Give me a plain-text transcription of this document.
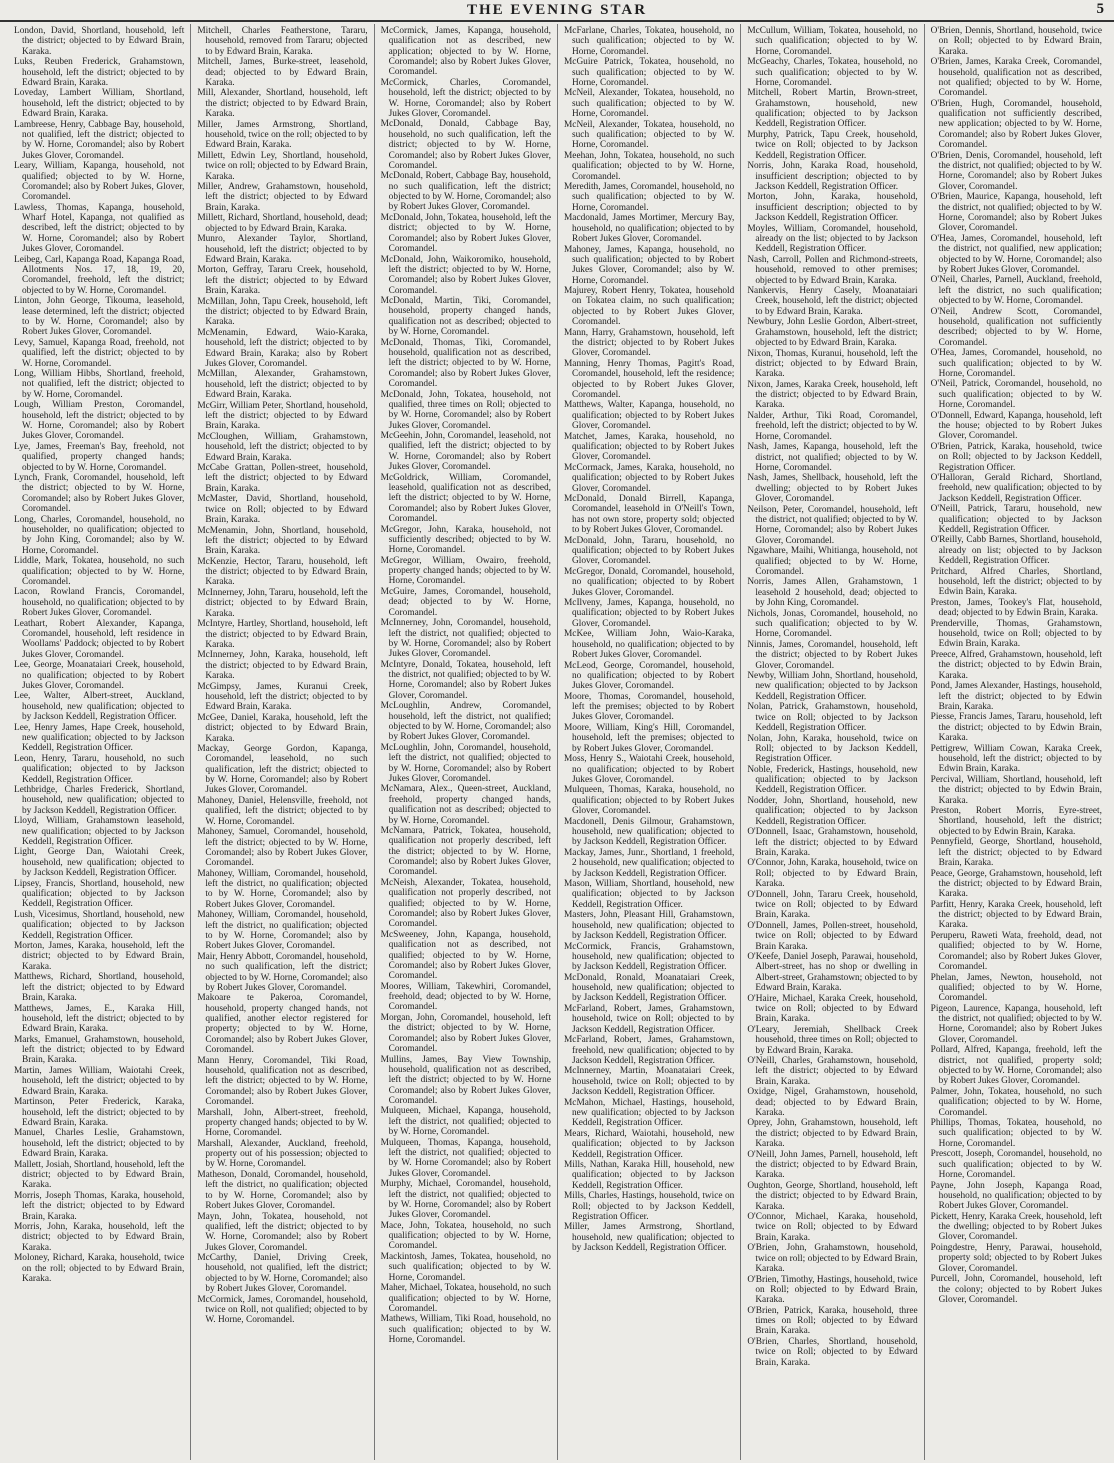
THE EVENING STAR	5

London, David, Shortland, household, left the district; objected to by Edward Brain, Karaka.

Luks, Reuben Frederick, Grahamstown, household, left the district; objected to by Edward Brain, Karaka.

Loveday, Lambert William, Shortland, household, left the district; objected to by Edward Brain, Karaka.

Lambreese, Henry, Cabbage Bay, household, not qualified, left the district; objected to by W. Horne, Coromandel; also by Robert Jukes Glover, Coromandel.

Leary, William, Kapanga, household, not qualified; objected to by W. Horne, Coromandel; also by Robert Jukes, Glover, Coromandel.

Lawless, Thomas, Kapanga, household, Wharf Hotel, Kapanga, not qualified as described, left the district; objected to by W. Horne, Coromandel; also by Robert Jukes Glover, Coromandel.

Leibeg, Carl, Kapanga Road, Kapanga Road, Allotments Nos. 17, 18, 19, 20, Coromandel, freehold, left the district; objected to by W. Horne, Coromandel.

Linton, John George, Tikouma, leasehold, lease determined, left the district; objected to by W. Horne, Coromandel; also by Robert Jukes Glover, Coromandel.

Levy, Samuel, Kapanga Road, freehold, not qualified, left the district; objected to by W. Horne, Coromandel.

Long, William Hibbs, Shortland, freehold, not qualified, left the district; objected to by W. Horne, Coromandel.

Lough, William Preston, Coromandel, household, left the district; objected to by W. Horne, Coromandel; also by Robert Jukes Glover, Coromandel.

Lye, James, Freeman's Bay, freehold, not qualified, property changed hands; objected to by W. Horne, Coromandel.

Lynch, Frank, Coromandel, household, left the district; objected to by W. Horne, Coromandel; also by Robert Jukes Glover, Coromandel.

Long, Charles, Coromandel, household, no householder, no qualification; objected to by John King, Coromandel; also by W. Horne, Coromandel.

Liddle, Mark, Tokatea, household, no such qualification; objected to by W. Horne, Coromandel.

Lacon, Rowland Francis, Coromandel, household, no qualification; objected to by Robert Jukes Glover, Coromandel.

Leathart, Robert Alexander, Kapanga, Coromandel, household, left residence in Woollams' Paddock; objected to by Robert Jukes Glover, Coromandel.

Lee, George, Moanataiari Creek, household, no qualification; objected to by Robert Jukes Glover, Coromandel.

Lee, Walter, Albert-street, Auckland, household, new qualification; objected to by Jackson Keddell, Registration Officer.

Lee, Henry James, Hape Creek, household, new qualification; objected to by Jackson Keddell, Registration Officer.

Leon, Henry, Tararu, household, no such qualification; objected to by Jackson Keddell, Registration Officer.

Lethbridge, Charles Frederick, Shortland, household, new qualification; objected to by Jackson Keddell, Registration Officer.

Lloyd, William, Grahamstown leasehold, new qualification; objected to by Jackson Keddell, Registration Officer.

Light, George Dan, Waiotahi Creek, household, new qualification; objected to by Jackson Keddell, Registration Officer.

Lipsey, Francis, Shortland, household, new qualification; objected to by Jackson Keddell, Registration Officer.

Lush, Vicesimus, Shortland, household, new qualification; objected to by Jackson Keddell, Registration Officer.

Morton, James, Karaka, household, left the district; objected to by Edward Brain, Karaka.

Matthews, Richard, Shortland, household, left the district; objected to by Edward Brain, Karaka.

Matthews, James, E., Karaka Hill, household, left the district; objected to by Edward Brain, Karaka.

Marks, Emanuel, Grahamstown, household, left the district; objected to by Edward Brain, Karaka.

Martin, James William, Waiotahi Creek, household, left the district; objected to by Edward Brain, Karaka.

Martinson, Peter Frederick, Karaka, household, left the district; objected to by Edward Brain, Karaka.

Manuel, Charles Leslie, Grahamstown, household, left the district; objected to by Edward Brain, Karaka.

Mallett, Josiah, Shortland, household, left the district; objected to by Edward Brain, Karaka.

Morris, Joseph Thomas, Karaka, household, left the district; objected to by Edward Brain, Karaka.

Morris, John, Karaka, household, left the district; objected to by Edward Brain, Karaka.

Moloney, Richard, Karaka, household, twice on the roll; objected to by Edward Brain, Karaka.

Mitchell, Charles Featherstone, Tararu, household, removed from Tararu; objected to by Edward Brain, Karaka.

Mitchell, James, Burke-street, leasehold, dead; objected to by Edward Brain, Karaka.

Mill, Alexander, Shortland, household, left the district; objected to by Edward Brain, Karaka.

Miller, James Armstrong, Shortland, household, twice on the roll; objected to by Edward Brain, Karaka.

Millett, Edwin Ley, Shortland, household, twice on roll; objected to by Edward Brain, Karaka.

Miller, Andrew, Grahamstown, household, left the district; objected to by Edward Brain, Karaka.

Millett, Richard, Shortland, household, dead; objected to by Edward Brain, Karaka.

Munro, Alexander Taylor, Shortland, household, left the district; objected to by Edward Brain, Karaka.

Morton, Geffray, Tararu Creek, household, left the district; objected to by Edward Brain, Karaka.

McMillan, John, Tapu Creek, household, left the district; objected to by Edward Brain, Karaka.

McMenamin, Edward, Waio-Karaka, household, left the district; objected to by Edward Brain, Karaka; also by Robert Jukes Glover, Coromandel.

McMillan, Alexander, Grahamstown, household, left the district; objected to by Edward Brain, Karaka.

McGirr, William Peter, Shortland, household, left the district; objected to by Edward Brain, Karaka.

McCloughen, William, Grahamstown, household, left the district; objected to by Edward Brain, Karaka.

McCabe Grattan, Pollen-street, household, left the district; objected to by Edward Brain, Karaka.

McMaster, David, Shortland, household, twice on Roll; objected to by Edward Brain, Karaka.

McMenamin, John, Shortland, household, left the district; objected to by Edward Brain, Karaka.

McKenzie, Hector, Tararu, household, left the district; objected to by Edward Brain, Karaka.

McInnerney, John, Tararu, household, left the district; objected to by Edward Brain, Karaka.

McIntyre, Hartley, Shortland, household, left the district; objected to by Edward Brain, Karaka.

McInnerney, John, Karaka, household, left the district; objected to by Edward Brain, Karaka.

McGimpsy, James, Kuranui Creek, household, left the district; objected to by Edward Brain, Karaka.

McGee, Daniel, Karaka, household, left the district; objected to by Edward Brain, Karaka.

Mackay, George Gordon, Kapanga, Coromandel, leasehold, no such qualification, left the district; objected to by W. Horne, Coromandel; also by Robert Jukes Glover, Coromandel.

Mahoney, Daniel, Helensville, freehold, not qualified, left the district; objected to by W. Horne, Coromandel.

Mahoney, Samuel, Coromandel, household, left the district; objected to by W. Horne, Coromandel; also by Robert Jukes Glover, Coromandel.

Mahoney, William, Coromandel, household, left the district, no qualification; objected to by W. Horne, Coromandel; also by Robert Jukes Glover, Coromandel.

Mahoney, William, Coromandel, household, left the district, no qualification; objected to by W. Horne, Coromandel; also by Robert Jukes Glover, Coromandel.

Mair, Henry Abbott, Coromandel, household, no such qualification, left the district; objected to by W. Horne, Coromandel; also by Robert Jukes Glover, Coromandel.

Makoare te Pakeroa, Coromandel, household, property changed hands, not qualified, another elector registered for property; objected to by W. Horne, Coromandel; also by Robert Jukes Glover, Coromandel.

Mann Henry, Coromandel, Tiki Road, household, qualification not as described, left the district; objected to by W. Horne, Coromandel; also by Robert Jukes Glover, Coromandel.

Marshall, John, Albert-street, freehold, property changed hands; objected to by W. Horne, Coromandel.

Marshall, Alexander, Auckland, freehold, property out of his possession; objected to by W. Horne, Coromandel.

Matheson, Donald, Coromandel, household, left the district, no qualification; objected to by W. Horne, Coromandel; also by Robert Jukes Glover, Coromandel.

Mayn, John, Tokatea, household, not qualified, left the district; objected to by W. Horne, Coromandel; also by Robert Jukes Glover, Coromandel.

McCarthy, Daniel, Driving Creek, household, not qualified, left the district; objected to by W. Horne, Coromandel; also by Robert Jukes Glover, Coromandel.

McCormick, James, Coromandel, household, twice on Roll, not qualified; objected to by W. Horne, Coromandel.

McCormick, James, Kapanga, household, qualification not as described, new application; objected to by W. Horne, Coromandel; also by Robert Jukes Glover, Coromandel.

McCormick, Charles, Coromandel, household, left the district; objected to by W. Horne, Coromandel; also by Robert Jukes Glover, Coromandel.

McDonald, Donald, Cabbage Bay, household, no such qualification, left the district; objected to by W. Horne, Coromandel; also by Robert Jukes Glover, Coromandel.

McDonald, Robert, Cabbage Bay, household, no such qualification, left the district; objected to by W. Horne, Coromandel; also by Robert Jukes Glover, Coromandel.

McDonald, John, Tokatea, household, left the district; objected to by W. Horne, Coromandel; also by Robert Jukes Glover, Coromandel.

McDonald, John, Waikoromiko, household, left the district; objected to by W. Horne, Coromandel; also by Robert Jukes Glover, Coromandel.

McDonald, Martin, Tiki, Coromandel, household, property changed hands, qualification not as described; objected to by W. Horne, Coromandel.

McDonald, Thomas, Tiki, Coromandel, household, qualification not as described, left the district; objected to by W. Horne, Coromandel; also by Robert Jukes Glover, Coromandel.

McDonald, John, Tokatea, household, not qualified, three times on Roll; objected to by W. Horne, Coromandel; also by Robert Jukes Glover, Coromandel.

McGeehin, John, Coromandel, leasehold, not qualified, left the district; objected to by W. Horne, Coromandel; also by Robert Jukes Glover, Coromandel.

McGoldrick, William, Coromandel, leasehold, qualification not as described, left the district; objected to by W. Horne, Coromandel; also by Robert Jukes Glover, Coromandel.

McGregor, John, Karaka, household, not sufficiently described; objected to by W. Horne, Coromandel.

McGregor, William, Owairo, freehold, property changed hands; objected to by W. Horne, Coromandel.

McGuire, James, Coromandel, household, dead; objected to by W. Horne, Coromandel.

McInnerney, John, Coromandel, household, left the district, not qualified; objected to by W. Horne, Coromandel; also by Robert Jukes Glover, Coromandel.

McIntyre, Donald, Tokatea, household, left the district, not qualified; objected to by W. Horne, Coromandel; also by Robert Jukes Glover, Coromandel.

McLoughlin, Andrew, Coromandel, household, left the district, not qualified; objected to by W. Horne, Coromandel; also by Robert Jukes Glover, Coromandel.

McLoughlin, John, Coromandel, household, left the district, not qualified; objected to by W. Horne, Coromandel; also by Robert Jukes Glover, Coromandel.

McNamara, Alex., Queen-street, Auckland, freehold, property changed hands, qualification not as described; objected to by W. Horne, Coromandel.

McNamara, Patrick, Tokatea, household, qualification not properly described, left the district; objected to by W. Horne, Coromandel; also by Robert Jukes Glover, Coromandel.

McNeish, Alexander, Tokatea, household, qualification not properly described, not qualified; objected to by W. Horne, Coromandel; also by Robert Jukes Glover, Coromandel.

McSweeney, John, Kapanga, household, qualification not as described, not qualified; objected to by W. Horne, Coromandel; also by Robert Jukes Glover, Coromandel.

Moores, William, Takewhiri, Coromandel, freehold, dead; objected to by W. Horne, Coromandel.

Morgan, John, Coromandel, household, left the district; objected to by W. Horne, Coromandel; also by Robert Jukes Glover, Coromandel.

Mullins, James, Bay View Township, household, qualification not as described, left the district; objected to by W. Horne Coromandel; also by Robert Jukes Glover, Coromandel.

Mulqueen, Michael, Kapanga, household, left the district, not qualified; objected to by W. Horne, Coromandel.

Mulqueen, Thomas, Kapanga, household, left the district, not qualified; objected to by W. Horne Coromandel; also by Robert Jukes Glover, Coromandel.

Murphy, Michael, Coromandel, household, left the district, not qualified; objected to by W. Horne, Coromandel; also by Robert Jukes Glover, Coromandel.

Mace, John, Tokatea, household, no such qualification; objected to by W. Horne, Coromandel.

Mackintosh, James, Tokatea, household, no such qualification; objected to by W. Horne, Coromandel.

Maher, Michael, Tokatea, household, no such qualification; objected to by W. Horne, Coromandel.

Mathews, William, Tiki Road, household, no such qualification; objected to by W. Horne, Coromandel.

McFarlane, Charles, Tokatea, household, no such qualification; objected to by W. Horne, Coromandel.

McGuire Patrick, Tokatea, household, no such qualification; objected to by W. Horne, Coromandel.

McNeil, Alexander, Tokatea, household, no such qualification; objected to by W. Horne, Coromandel.

McNeil, Alexander, Tokatea, household, no such qualification; objected to by W. Horne, Coromandel.

Meehan, John, Tokatea, household, no such qualification; objected to by W. Horne, Coromandel.

Meredith, James, Coromandel, household, no such qualification; objected to by W. Horne, Coromandel.

Macdonald, James Mortimer, Mercury Bay, household, no qualification; objected to by Robert Jukes Glover, Coromandel.

Mahoney, James, Kapanga, household, no such qualification; objected to by Robert Jukes Glover, Coromandel; also by W. Horne, Coromandel.

Majurey, Robert Henry, Tokatea, household on Tokatea claim, no such qualification; objected to by Robert Jukes Glover, Coromandel.

Mann, Harry, Grahamstown, household, left the district; objected to by Robert Jukes Glover, Coromandel.

Manning, Henry Thomas, Pagitt's Road, Coromandel, household, left the residence; objected to by Robert Jukes Glover, Coromandel.

Matthews, Walter, Kapanga, household, no qualification; objected to by Robert Jukes Glover, Coromandel.

Matchet, James, Karaka, household, no qualification; objected to by Robert Jukes Glover, Coromandel.

McCormack, James, Karaka, household, no qualification; objected to by Robert Jukes Glover, Coromandel.

McDonald, Donald Birrell, Kapanga, Coromandel, leasehold in O'Neill's Town, has not own store, property sold; objected to by Robert Jukes Glover, Coromandel.

McDonald, John, Tararu, household, no qualification; objected to by Robert Jukes Glover, Coromandel.

McGregor, Donald, Coromandel, household, no qualification; objected to by Robert Jukes Glover, Coromandel.

McIlveny, James, Kapanga, household, no qualification; objected to by Robert Jukes Glover, Coromandel.

McKee, William John, Waio-Karaka, household, no qualification; objected to by Robert Jukes Glover, Coromandel.

McLeod, George, Coromandel, household, no qualification; objected to by Robert Jukes Glover, Coromandel.

Moore, Thomas, Coromandel, household, left the premises; objected to by Robert Jukes Glover, Coromandel.

Moore, William, King's Hill, Coromandel, household, left the premises; objected to by Robert Jukes Glover, Coromandel.

Moss, Henry S., Waiotahi Creek, household, no qualification; objected to by Robert Jukes Glover, Coromandel.

Mulqueen, Thomas, Karaka, household, no qualification; objected to by Robert Jukes Glover, Coromandel.

Macdonell, Denis Gilmour, Grahamstown, household, new qualification; objected to by Jackson Keddell, Registration Officer.

Mackay, James, Junr., Shortland, 1 freehold, 2 household, new qualification; objected to by Jackson Keddell, Registration Officer.

Mason, William, Shortland, household, new qualification; objected to by Jackson Keddell, Registration Officer.

Masters, John, Pleasant Hill, Grahamstown, household, new qualification; objected to by Jackson Keddell, Registration Officer.

McCormick, Francis, Grahamstown, household, new qualification; objected to by Jackson Keddell, Registration Officer.

McDonald, Ronald, Moanataiari Creek, household, new qualification; objected to by Jackson Keddell, Registration Officer.

McFarland, Robert, James, Grahamstown, household, twice on Roll; objected to by Jackson Keddell, Registration Officer.

McFarland, Robert, James, Grahamstown, freehold, new qualification; objected to by Jackson Keddell, Registration Officer.

McInnerney, Martin, Moanataiari Creek, household, twice on Roll; objected to by Jackson Keddell, Registration Officer.

McMahon, Michael, Hastings, household, new qualification; objected to by Jackson Keddell, Registration Officer.

Mears, Richard, Waiotahi, household, new qualification; objected to by Jackson Keddell, Registration Officer.

Mills, Nathan, Karaka Hill, household, new qualification; objected to by Jackson Keddell, Registration Officer.

Mills, Charles, Hastings, household, twice on Roll; objected to by Jackson Keddell, Registration Officer.

Miller, James Armstrong, Shortland, household, new qualification; objected to by Jackson Keddell, Registration Officer.

McCullum, William, Tokatea, household, no such qualification; objected to by W. Horne, Coromandel.

McGeachy, Charles, Tokatea, household, no such qualification; objected to by W. Horne, Coromandel.

Mitchell, Robert Martin, Brown-street, Grahamstown, household, new qualification; objected to by Jackson Keddell, Registration Officer.

Murphy, Patrick, Tapu Creek, household, twice on Roll; objected to by Jackson Keddell, Registration Officer.

Norris, John, Karaka Road, household, insufficient description; objected to by Jackson Keddell, Registration Officer.

Morton, John, Karaka, household, insufficient description; objected to by Jackson Keddell, Registration Officer.

Moyles, William, Coromandel, household, already on the list; objected to by Jackson Keddell, Registration Officer.

Nash, Carroll, Pollen and Richmond-streets, household, removed to other premises; objected to by Edward Brain, Karaka.

Nankervis, Henry Casely, Moanataiari Creek, household, left the district; objected to by Edward Brain, Karaka.

Newbury, John Leslie Gordon, Albert-street, Grahamstown, household, left the district; objected to by Edward Brain, Karaka.

Nixon, Thomas, Kuranui, household, left the district; objected to by Edward Brain, Karaka.

Nixon, James, Karaka Creek, household, left the district; objected to by Edward Brain, Karaka.

Nalder, Arthur, Tiki Road, Coromandel, freehold, left the district; objected to by W. Horne, Coromandel.

Nash, James, Kapanga, household, left the district, not qualified; objected to by W. Horne, Coromandel.

Nash, James, Shellback, household, left the dwelling; objected to by Robert Jukes Glover, Coromandel.

Neilson, Peter, Coromandel, household, left the district, not qualified; objected to by W. Horne, Coromandel; also by Robert Jukes Glover, Coromandel.

Ngawhare, Maihi, Whitianga, household, not qualified; objected to by W. Horne, Coromandel.

Norris, James Allen, Grahamstown, 1 leasehold 2 household, dead; objected to by John King, Coromandel.

Nichols, Jonas, Coromandel, household, no such qualification; objected to by W. Horne, Coromandel.

Ninnis, James, Coromandel, household, left the district; objected to by Robert Jukes Glover, Coromandel.

Newby, William John, Shortland, household, new qualification; objected to by Jackson Keddell, Registration Officer.

Nolan, Patrick, Grahamstown, household, twice on Roll; objected to by Jackson Keddell, Registration Officer.

Nolan, John, Karaka, household, twice on Roll; objected to by Jackson Keddell, Registration Officer.

Noble, Frederick, Hastings, household, new qualification; objected to by Jackson Keddell, Registration Officer.

Nodder, John, Shortland, household, new qualification; objected to by Jackson Keddell, Registration Officer.

O'Donnell, Isaac, Grahamstown, household, left the district; objected to by Edward Brain, Karaka.

O'Connor, John, Karaka, household, twice on Roll; objected to by Edward Brain, Karaka.

O'Donnell, John, Tararu Creek, household, twice on Roll; objected to by Edward Brain, Karaka.

O'Donnell, James, Pollen-street, household, twice on Roll; objected to by Edward Brain Karaka.

O'Keefe, Daniel Joseph, Parawai, household, Albert-street, has no shop or dwelling in Albert-street, Grahamstown; objected to by Edward Brain, Karaka.

O'Haire, Michael, Karaka Creek, household, twice on Roll; objected to by Edward Brain, Karaka.

O'Leary, Jeremiah, Shellback Creek household, three times on Roll; objected to by Edward Brain, Karaka.

O'Neill, Charles, Grahamstown, household, left the district; objected to by Edward Brain, Karaka.

Oxidge, Nigel, Grahamstown, household, dead; objected to by Edward Brain, Karaka.

Oprey, John, Grahamstown, household, left the district; objected to by Edward Brain, Karaka.

O'Neill, John James, Parnell, household, left the district; objected to by Edward Brain, Karaka.

Oughton, George, Shortland, household, left the district; objected to by Edward Brain, Karaka.

O'Connor, Michael, Karaka, household, twice on Roll; objected to by Edward Brain, Karaka.

O'Brien, John, Grahamstown, household, twice on roll; objected to by Edward Brain, Karaka.

O'Brien, Timothy, Hastings, household, twice on Roll; objected to by Edward Brain, Karaka.

O'Brien, Patrick, Karaka, household, three times on Roll; objected to by Edward Brain, Karaka.

O'Brien, Charles, Shortland, household, twice on Roll; objected to by Edward Brain, Karaka.

O'Brien, Dennis, Shortland, household, twice on Roll; objected to by Edward Brain, Karaka.

O'Brien, James, Karaka Creek, Coromandel, household, qualification not as described, not qualified; objected to by W. Horne, Coromandel.

O'Brien, Hugh, Coromandel, household, qualification not sufficiently described, new application; objected to by W. Horne, Coromandel; also by Robert Jukes Glover, Coromandel.

O'Brien, Denis, Coromandel, household, left the district, not qualified; objected to by W. Horne, Coromandel; also by Robert Jukes Glover, Coromandel.

O'Brien, Maurice, Kapanga, household, left the district, not qualified; objected to by W. Horne, Coromandel; also by Robert Jukes Glover, Coromandel.

O'Hea, James, Coromandel, household, left the district, not qualified, new application; objected to by W. Horne, Coromandel; also by Robert Jukes Glover, Coromandel.

O'Neil, Charles, Parnell, Auckland, freehold, left the district, no such qualification; objected to by W. Horne, Coromandel.

O'Neil, Andrew Scott, Coromandel, household, qualification not sufficiently described; objected to by W. Horne, Coromandel.

O'Hea, James, Coromandel, household, no such qualification; objected to by W. Horne, Coromandel.

O'Neil, Patrick, Coromandel, household, no such qualification; objected to by W. Horne, Coromandel.

O'Donnell, Edward, Kapanga, household, left the house; objected to by Robert Jukes Glover, Coromandel.

O'Brien, Patrick, Karaka, household, twice on Roll; objected to by Jackson Keddell, Registration Officer.

O'Halloran, Gerald Richard, Shortland, freehold, new qualification; objected to by Jackson Keddell, Registration Officer.

O'Neill, Patrick, Tararu, household, new qualification; objected to by Jackson Keddell, Registration Officer.

O'Reilly, Cabb Barnes, Shortland, household, already on list; objected to by Jackson Keddell, Registration Officer.

Pritchard, Alfred Charles, Shortland, household, left the district; objected to by Edwin Bain, Karaka.

Preston, James, Tookey's Flat, household, dead; objected to by Edwin Brain, Karaka.

Prenderville, Thomas, Grahamstown, household, twice on Roll; objected to by Edwin Brain, Karaka.

Preece, Alfred, Grahamstown, household, left the district; objected to by Edwin Brain, Karaka.

Pond, James Alexander, Hastings, household, left the district; objected to by Edwin Brain, Karaka.

Piesse, Francis James, Tararu, household, left the district; objected to by Edwin Brain, Karaka.

Pettigrew, William Cowan, Karaka Creek, household, left the district; objected to by Edwin Brain, Karaka.

Percival, William, Shortland, household, left the district; objected to by Edwin Brain, Karaka.

Preston, Robert Morris, Eyre-street, Shortland, household, left the district; objected to by Edwin Brain, Karaka.

Pennyfield, George, Shortland, household, left the district; objected to by Edward Brain, Karaka.

Peace, George, Grahamstown, household, left the district; objected to by Edward Brain, Karaka.

Parfitt, Henry, Karaka Creek, household, left the district; objected to by Edward Brain, Karaka.

Peruperu, Raweti Wata, freehold, dead, not qualified; objected to by W. Horne, Coromandel; also by Robert Jukes Glover, Coromandel.

Phelan, James, Newton, household, not qualified; objected to by W. Horne, Coromandel.

Pigeon, Laurence, Kapanga, household, left the district, not qualified; objected to by W. Horne, Coromandel; also by Robert Jukes Glover, Coromandel.

Pollard, Alfred, Kapanga, freehold, left the district, not qualified, property sold; objected to by W. Horne, Coromandel; also by Robert Jukes Glover, Coromandel.

Palmer, John, Tokatea, household, no such qualification; objected to by W. Horne, Coromandel.

Phillips, Thomas, Tokatea, household, no such qualification; objected to by W. Horne, Coromandel.

Prescott, Joseph, Coromandel, household, no such qualification; objected to by W. Horne, Coromandel.

Payne, John Joseph, Kapanga Road, household, no qualification; objected to by Robert Jukes Glover, Coromandel.

Pickett, Henry, Karaka Creek, household, left the dwelling; objected to by Robert Jukes Glover, Coromandel.

Poingdestre, Henry, Parawai, household, property sold; objected to by Robert Jukes Glover, Coromandel.

Purcell, John, Coromandel, household, left the colony; objected to by Robert Jukes Glover, Coromandel.
